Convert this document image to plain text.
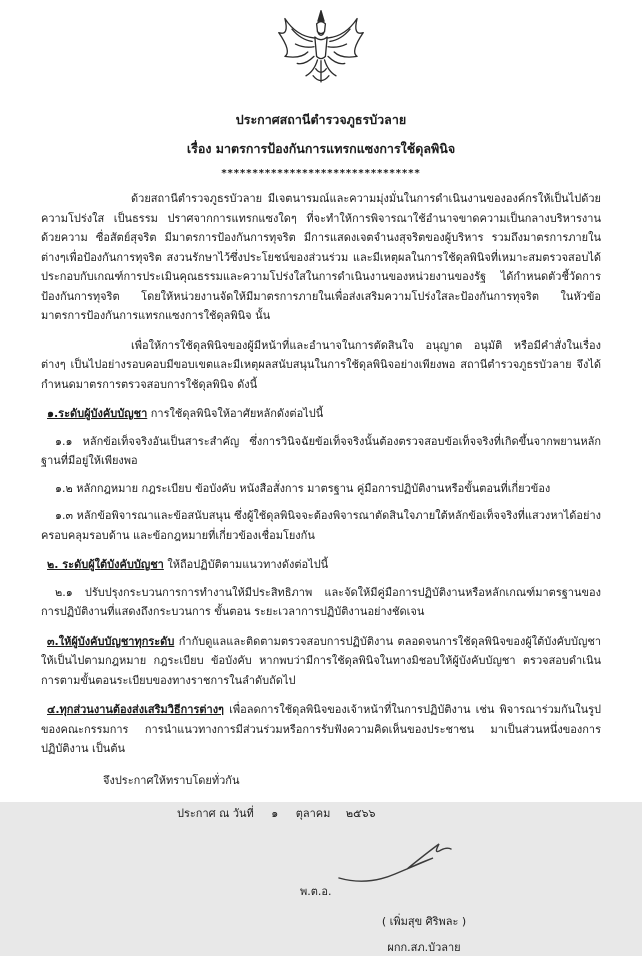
ประกาศสถานีตำรวจภูธรบัวลาย
เรื่อง มาตรการป้องกันการแทรกแซงการใช้ดุลพินิจ
********************************

ด้วยสถานีตำรวจภูธรบัวลาย มีเจตนารมณ์และความมุ่งมั่นในการดำเนินงานขององค์กรให้เป็นไปด้วยความโปร่งใส เป็นธรรม ปราศจากการแทรกแซงใดๆ ที่จะทำให้การพิจารณาใช้อำนาจขาดความเป็นกลางบริหารงานด้วยความ ซื่อสัตย์สุจริต มีมาตรการป้องกันการทุจริต มีการแสดงเจตจำนงสุจริตของผู้บริหาร รวมถึงมาตรการภายในต่างๆเพื่อป้องกันการทุจริต สงวนรักษาไว้ซึ่งประโยชน์ของส่วนร่วม และมีเหตุผลในการใช้ดุลพินิจที่เหมาะสมตรวจสอบได้ประกอบกับเกณฑ์การประเมินคุณธรรมและความโปร่งใสในการดำเนินงานของหน่วยงานของรัฐ ได้กำหนดตัวชี้วัดการป้องกันการทุจริต โดยให้หน่วยงานจัดให้มีมาตรการภายในเพื่อส่งเสริมความโปร่งใสละป้องกันการทุจริต ในหัวข้อ มาตรการป้องกันการแทรกแซงการใช้ดุลพินิจ นั้น

เพื่อให้การใช้ดุลพินิจของผู้มีหน้าที่และอำนาจในการตัดสินใจ อนุญาต อนุมัติ หรือมีคำสั่งในเรื่อง ต่างๆ เป็นไปอย่างรอบคอบมีขอบเขตและมีเหตุผลสนับสนุนในการใช้ดุลพินิจอย่างเพียงพอ สถานีตำรวจภูธรบัวลาย จึงได้กำหนดมาตรการตรวจสอบการใช้ดุลพินิจ ดังนี้

๑.ระดับผู้บังคับบัญชา การใช้ดุลพินิจให้อาศัยหลักดังต่อไปนี้

๑.๑ หลักข้อเท็จจริงอันเป็นสาระสำคัญ ซึ่งการวินิจฉัยข้อเท็จจริงนั้นต้องตรวจสอบข้อเท็จจริงที่เกิดขึ้นจากพยานหลักฐานที่มีอยู่ให้เพียงพอ

๑.๒ หลักกฎหมาย กฎระเบียบ ข้อบังคับ หนังสือสั่งการ มาตรฐาน คู่มือการปฏิบัติงานหรือขั้นตอนที่เกี่ยวข้อง

๑.๓ หลักข้อพิจารณาและข้อสนับสนุน ซึ่งผู้ใช้ดุลพินิจจะต้องพิจารณาตัดสินใจภายใต้หลักข้อเท็จจริงที่แสวงหาได้อย่างครอบคลุมรอบด้าน และข้อกฎหมายที่เกี่ยวข้องเชื่อมโยงกัน

๒. ระดับผู้ใต้บังคับบัญชา ให้ถือปฏิบัติตามแนวทางดังต่อไปนี้

๒.๑ ปรับปรุงกระบวนการการทำงานให้มีประสิทธิภาพ และจัดให้มีคู่มือการปฏิบัติงานหรือหลักเกณฑ์มาตรฐานของการปฏิบัติงานที่แสดงถึงกระบวนการ ขั้นตอน ระยะเวลาการปฏิบัติงานอย่างชัดเจน

๓.ให้ผู้บังคับบัญชาทุกระดับ กำกับดูแลและติดตามตรวจสอบการปฏิบัติงาน ตลอดจนการใช้ดุลพินิจของผู้ใต้บังคับบัญชาให้เป็นไปตามกฎหมาย กฎระเบียบ ข้อบังคับ หากพบว่ามีการใช้ดุลพินิจในทางมิชอบให้ผู้บังคับบัญชา ตรวจสอบดำเนินการตามขั้นตอนระเบียบของทางราชการในลำดับถัดไป

๔.ทุกส่วนงานต้องส่งเสริมวิธีการต่างๆ เพื่อลดการใช้ดุลพินิจของเจ้าหน้าที่ในการปฏิบัติงาน เช่น พิจารณาร่วมกันในรูปของคณะกรรมการ การนำแนวทางการมีส่วนร่วมหรือการรับฟังความคิดเห็นของประชาชน มาเป็นส่วนหนึ่งของการปฏิบัติงาน เป็นต้น

จึงประกาศให้ทราบโดยทั่วกัน

ประกาศ ณ วันที่ ๑ ตุลาคม ๒๕๖๖
พ.ต.อ.
( เพิ่มสุข ศิริพละ )
ผกก.สภ.บัวลาย
